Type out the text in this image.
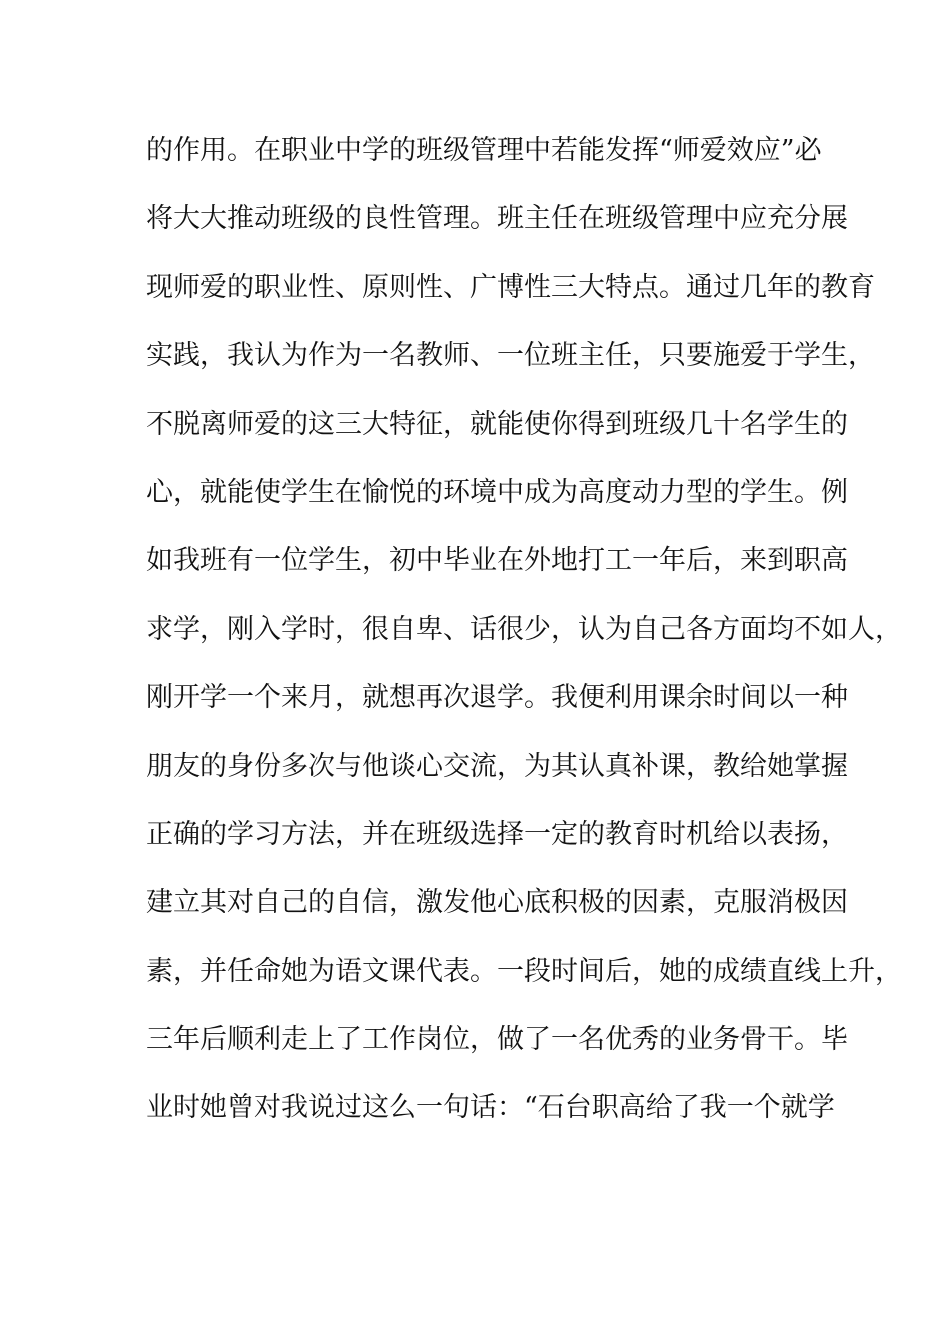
的作用。在职业中学的班级管理中若能发挥“师爱效应”必
将大大推动班级的良性管理。班主任在班级管理中应充分展
现师爱的职业性、原则性、广博性三大特点。通过几年的教育
实践，我认为作为一名教师、一位班主任，只要施爱于学生，
不脱离师爱的这三大特征，就能使你得到班级几十名学生的
心，就能使学生在愉悦的环境中成为高度动力型的学生。例
如我班有一位学生，初中毕业在外地打工一年后，来到职高
求学，刚入学时，很自卑、话很少，认为自己各方面均不如人，
刚开学一个来月，就想再次退学。我便利用课余时间以一种
朋友的身份多次与他谈心交流，为其认真补课，教给她掌握
正确的学习方法，并在班级选择一定的教育时机给以表扬，
建立其对自己的自信，激发他心底积极的因素，克服消极因
素，并任命她为语文课代表。一段时间后，她的成绩直线上升，
三年后顺利走上了工作岗位，做了一名优秀的业务骨干。毕
业时她曾对我说过这么一句话：“石台职高给了我一个就学
